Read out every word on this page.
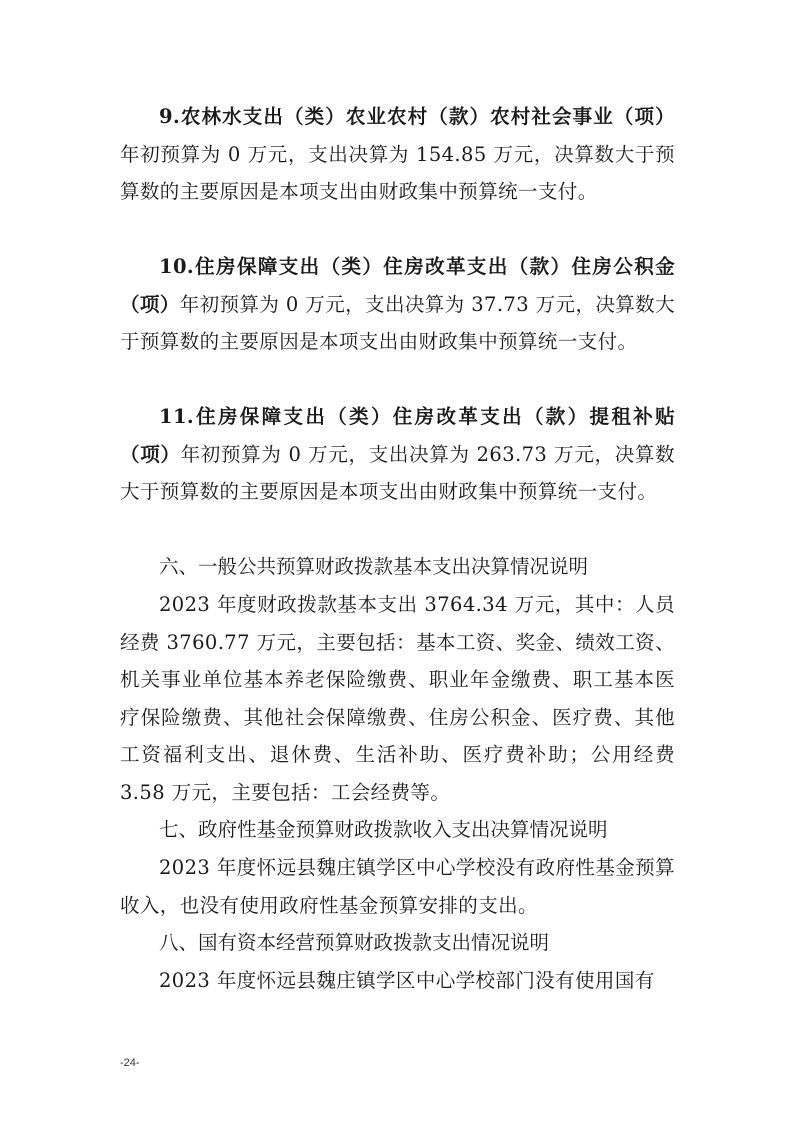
9.农林水支出（类）农业农村（款）农村社会事业（项）年初预算为 0 万元，支出决算为 154.85 万元，决算数大于预算数的主要原因是本项支出由财政集中预算统一支付。

10.住房保障支出（类）住房改革支出（款）住房公积金（项）年初预算为 0 万元，支出决算为 37.73 万元，决算数大于预算数的主要原因是本项支出由财政集中预算统一支付。

11.住房保障支出（类）住房改革支出（款）提租补贴（项）年初预算为 0 万元，支出决算为 263.73 万元，决算数大于预算数的主要原因是本项支出由财政集中预算统一支付。

六、一般公共预算财政拨款基本支出决算情况说明

2023 年度财政拨款基本支出 3764.34 万元，其中：人员经费 3760.77 万元，主要包括：基本工资、奖金、绩效工资、机关事业单位基本养老保险缴费、职业年金缴费、职工基本医疗保险缴费、其他社会保障缴费、住房公积金、医疗费、其他工资福利支出、退休费、生活补助、医疗费补助；公用经费 3.58 万元，主要包括：工会经费等。

七、政府性基金预算财政拨款收入支出决算情况说明

2023 年度怀远县魏庄镇学区中心学校没有政府性基金预算收入，也没有使用政府性基金预算安排的支出。

八、国有资本经营预算财政拨款支出情况说明

2023 年度怀远县魏庄镇学区中心学校部门没有使用国有

-24-
